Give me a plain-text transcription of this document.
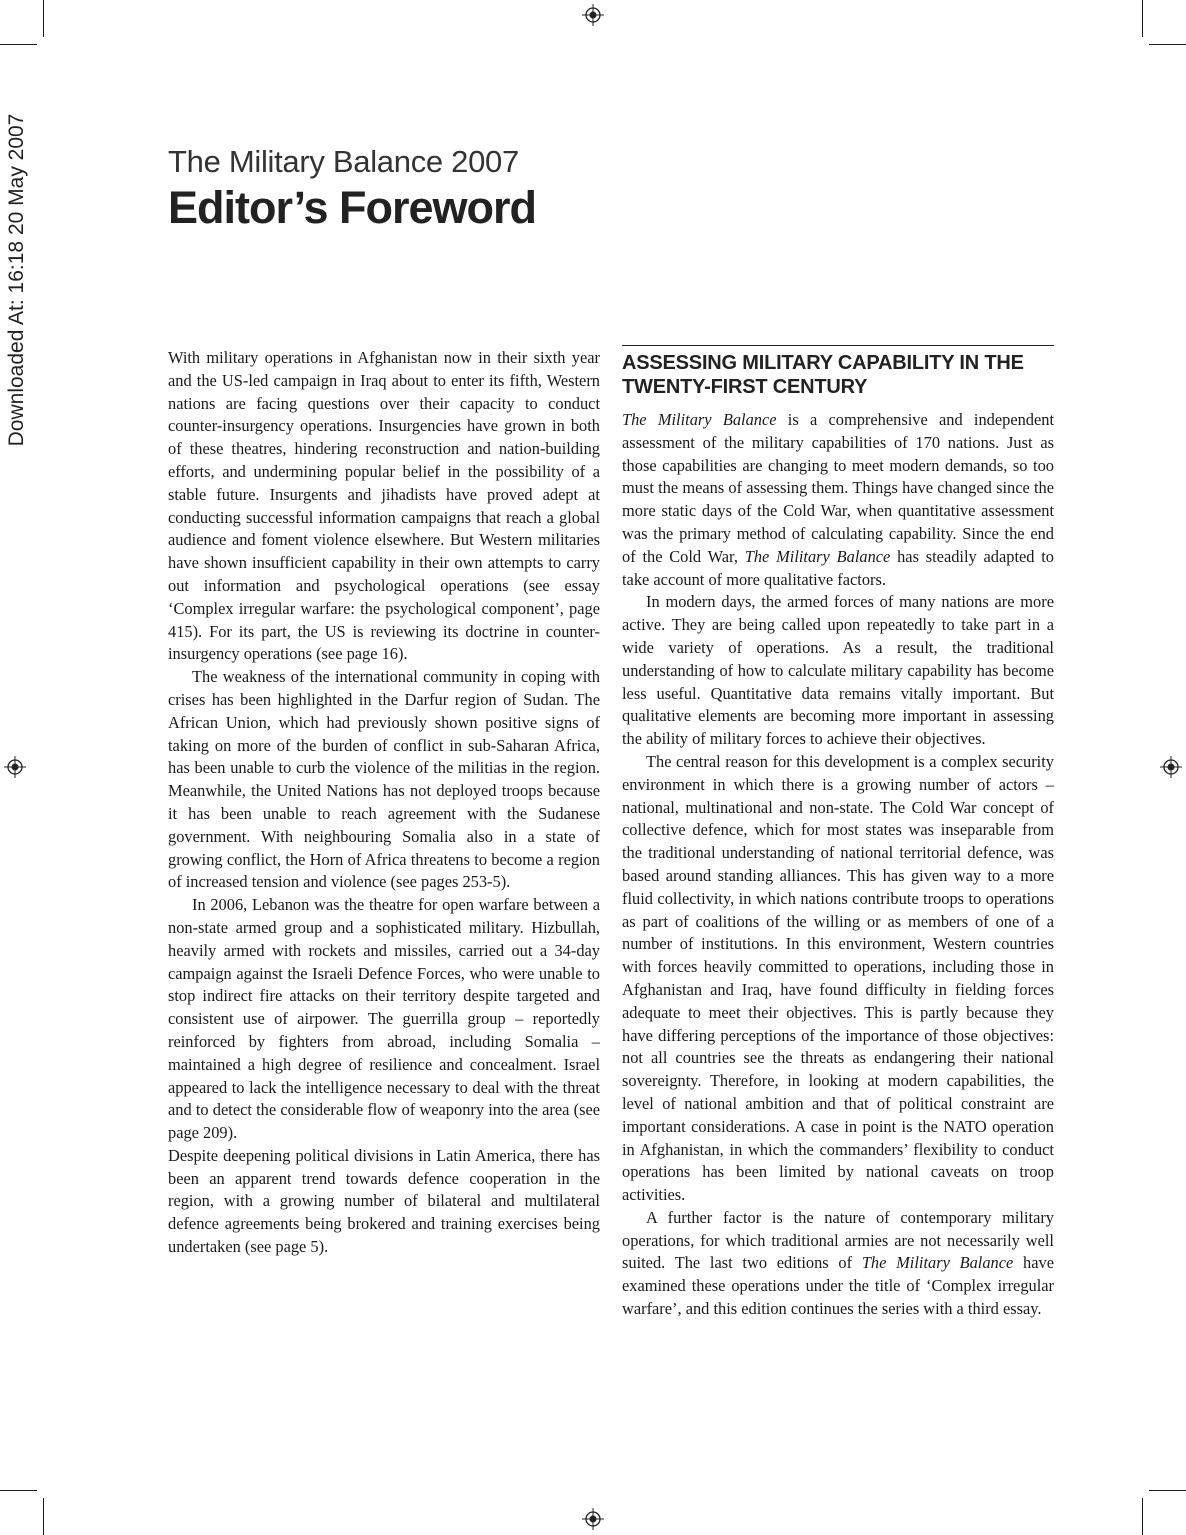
Downloaded At: 16:18 20 May 2007	The Military Balance 2007
Editor’s Foreword

With military operations in Afghanistan now in their sixth year and the US-led campaign in Iraq about to enter its fifth, Western nations are facing questions over their capacity to conduct counter-insurgency operations. Insurgencies have grown in both of these theatres, hindering reconstruction and nation-building efforts, and undermining popular belief in the possibility of a stable future. Insurgents and jihadists have proved adept at conducting successful information campaigns that reach a global audience and foment violence elsewhere. But Western militaries have shown insufficient capability in their own attempts to carry out information and psychological operations (see essay ‘Complex irregular warfare: the psychological component’, page 415). For its part, the US is reviewing its doctrine in counter-insurgency operations (see page 16).

The weakness of the international community in coping with crises has been highlighted in the Darfur region of Sudan. The African Union, which had previously shown positive signs of taking on more of the burden of conflict in sub-Saharan Africa, has been unable to curb the violence of the militias in the region. Meanwhile, the United Nations has not deployed troops because it has been unable to reach agreement with the Sudanese government. With neighbouring Somalia also in a state of growing conflict, the Horn of Africa threatens to become a region of increased tension and violence (see pages 253-5).

In 2006, Lebanon was the theatre for open warfare between a non-state armed group and a sophisticated military. Hizbullah, heavily armed with rockets and missiles, carried out a 34-day campaign against the Israeli Defence Forces, who were unable to stop indirect fire attacks on their territory despite targeted and consistent use of airpower. The guerrilla group – reportedly reinforced by fighters from abroad, including Somalia – maintained a high degree of resilience and concealment. Israel appeared to lack the intelligence necessary to deal with the threat and to detect the considerable flow of weaponry into the area (see page 209).

Despite deepening political divisions in Latin America, there has been an apparent trend towards defence cooperation in the region, with a growing number of bilateral and multilateral defence agreements being brokered and training exercises being undertaken (see page 5).

ASSESSING MILITARY CAPABILITY IN THE TWENTY-FIRST CENTURY

The Military Balance is a comprehensive and independent assessment of the military capabilities of 170 nations. Just as those capabilities are changing to meet modern demands, so too must the means of assessing them. Things have changed since the more static days of the Cold War, when quantitative assessment was the primary method of calculating capability. Since the end of the Cold War, The Military Balance has steadily adapted to take account of more qualitative factors.

In modern days, the armed forces of many nations are more active. They are being called upon repeatedly to take part in a wide variety of operations. As a result, the traditional understanding of how to calculate military capability has become less useful. Quantitative data remains vitally important. But qualitative elements are becoming more important in assessing the ability of military forces to achieve their objectives.

The central reason for this development is a complex security environment in which there is a growing number of actors – national, multinational and non-state. The Cold War concept of collective defence, which for most states was inseparable from the traditional understanding of national territorial defence, was based around standing alliances. This has given way to a more fluid collectivity, in which nations contribute troops to operations as part of coalitions of the willing or as members of one of a number of institutions. In this environment, Western countries with forces heavily committed to operations, including those in Afghanistan and Iraq, have found difficulty in fielding forces adequate to meet their objectives. This is partly because they have differing perceptions of the importance of those objectives: not all countries see the threats as endangering their national sovereignty. Therefore, in looking at modern capabilities, the level of national ambition and that of political constraint are important considerations. A case in point is the NATO operation in Afghanistan, in which the commanders’ flexibility to conduct operations has been limited by national caveats on troop activities.

A further factor is the nature of contemporary military operations, for which traditional armies are not necessarily well suited. The last two editions of The Military Balance have examined these operations under the title of ‘Complex irregular warfare’, and this edition continues the series with a third essay.
